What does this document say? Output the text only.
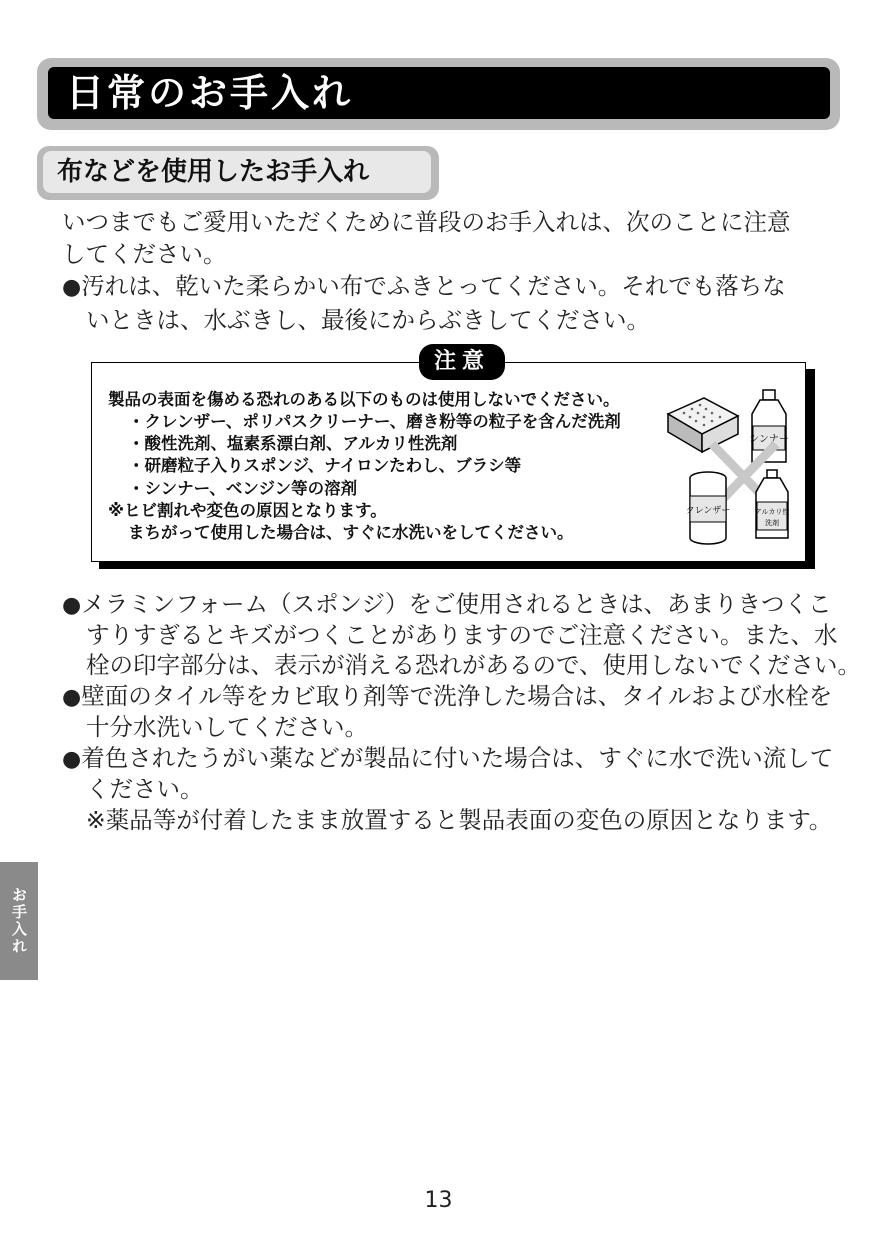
日常のお手入れ
布などを使用したお手入れ
いつまでもご愛用いただくために普段のお手入れは、次のことに注意
してください。
●汚れは、乾いた柔らかい布でふきとってください。それでも落ちな
いときは、水ぶきし、最後にからぶきしてください。
注意
製品の表面を傷める恐れのある以下のものは使用しないでください。
・クレンザー、ポリパスクリーナー、磨き粉等の粒子を含んだ洗剤
・酸性洗剤、塩素系漂白剤、アルカリ性洗剤
・研磨粒子入りスポンジ、ナイロンたわし、ブラシ等
・シンナー、ベンジン等の溶剤
※ヒビ割れや変色の原因となります。
まちがって使用した場合は、すぐに水洗いをしてください。
シンナー
クレンザー	アルカリ性
洗剤
●メラミンフォーム（スポンジ）をご使用されるときは、あまりきつくこ
すりすぎるとキズがつくことがありますのでご注意ください。また、水
栓の印字部分は、表示が消える恐れがあるので、使用しないでください。
●壁面のタイル等をカビ取り剤等で洗浄した場合は、タイルおよび水栓を
十分水洗いしてください。
●着色されたうがい薬などが製品に付いた場合は、すぐに水で洗い流して
ください。
※薬品等が付着したまま放置すると製品表面の変色の原因となります。
お手入れ
13
